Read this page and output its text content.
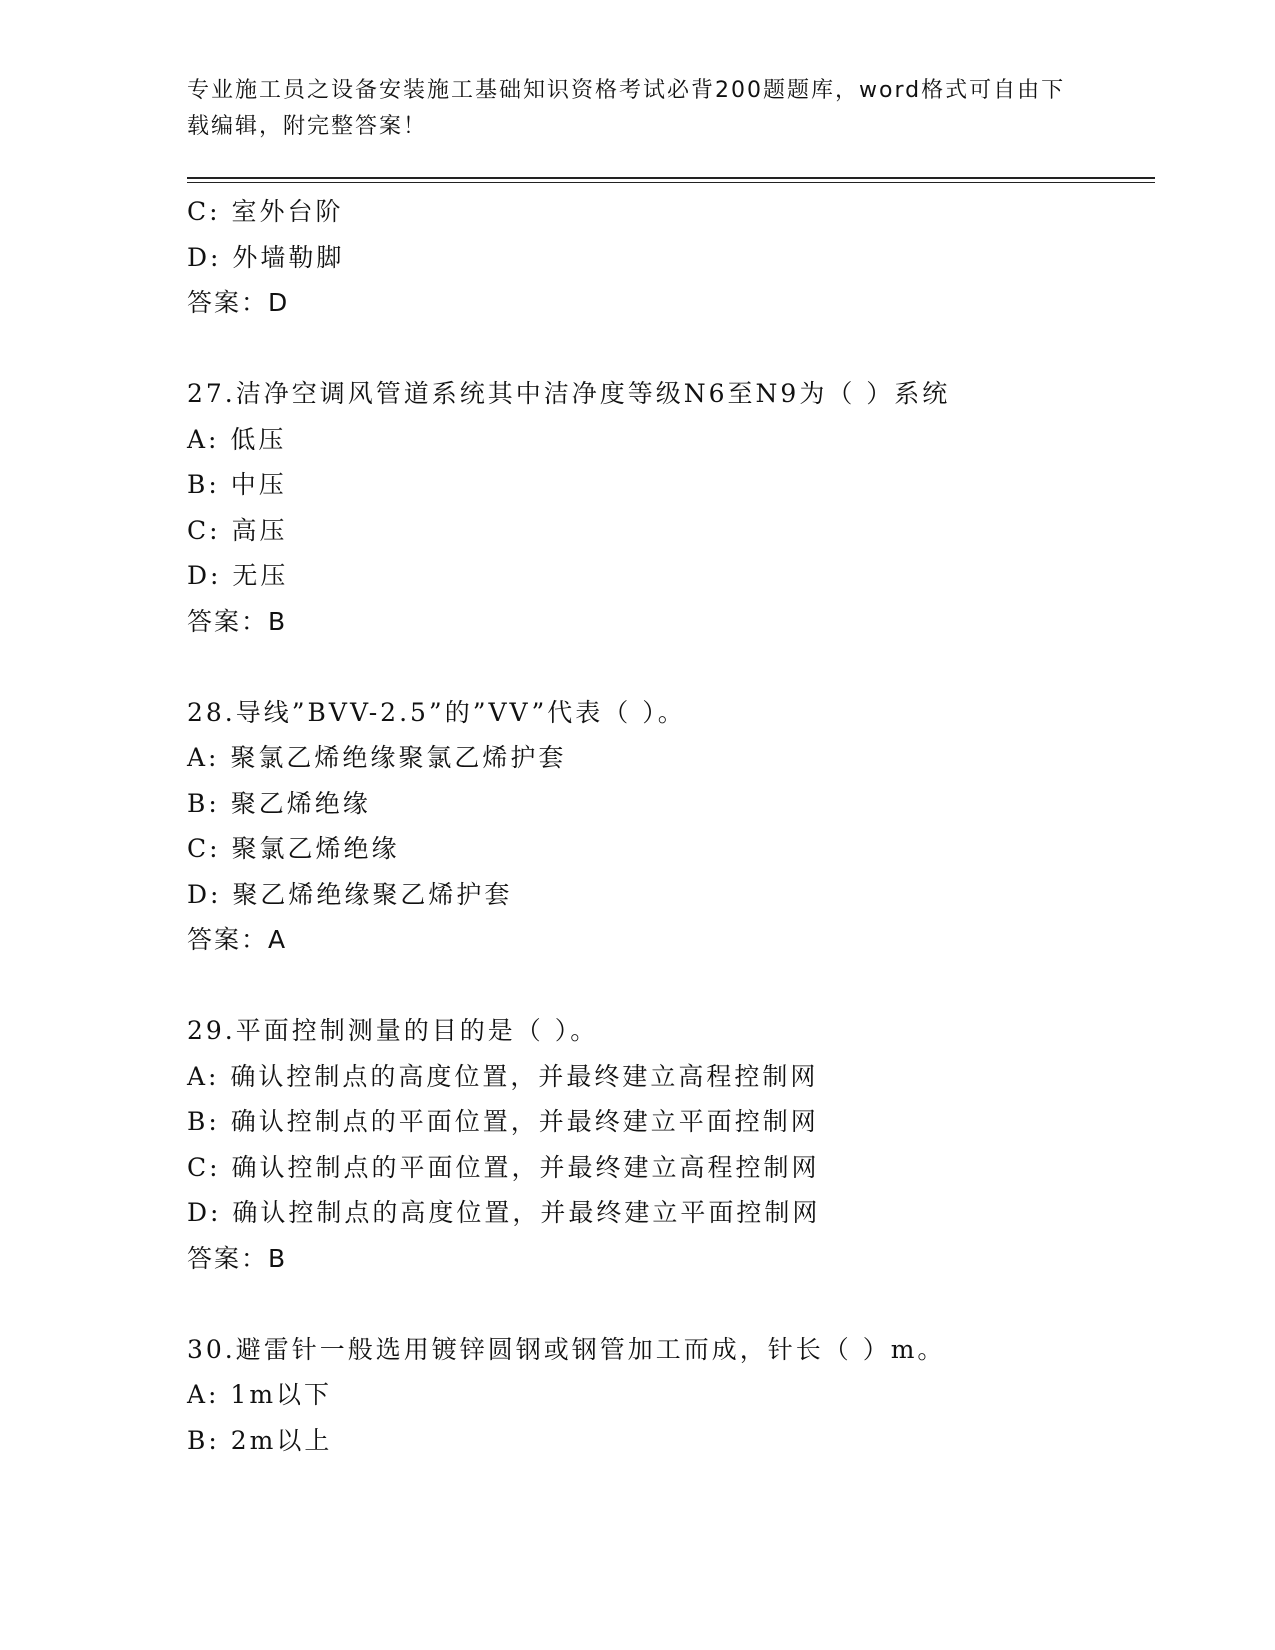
专业施工员之设备安装施工基础知识资格考试必背200题题库，word格式可自由下载编辑，附完整答案！
C: 室外台阶
D: 外墙勒脚
答案：D
27.洁净空调风管道系统其中洁净度等级N6至N9为（ ）系统
A: 低压
B: 中压
C: 高压
D: 无压
答案：B
28.导线”BVV-2.5”的”VV”代表（ ）。
A: 聚氯乙烯绝缘聚氯乙烯护套
B: 聚乙烯绝缘
C: 聚氯乙烯绝缘
D: 聚乙烯绝缘聚乙烯护套
答案：A
29.平面控制测量的目的是（ ）。
A: 确认控制点的高度位置，并最终建立高程控制网
B: 确认控制点的平面位置，并最终建立平面控制网
C: 确认控制点的平面位置，并最终建立高程控制网
D: 确认控制点的高度位置，并最终建立平面控制网
答案：B
30.避雷针一般选用镀锌圆钢或钢管加工而成，针长（ ）m。
A: 1m以下
B: 2m以上
